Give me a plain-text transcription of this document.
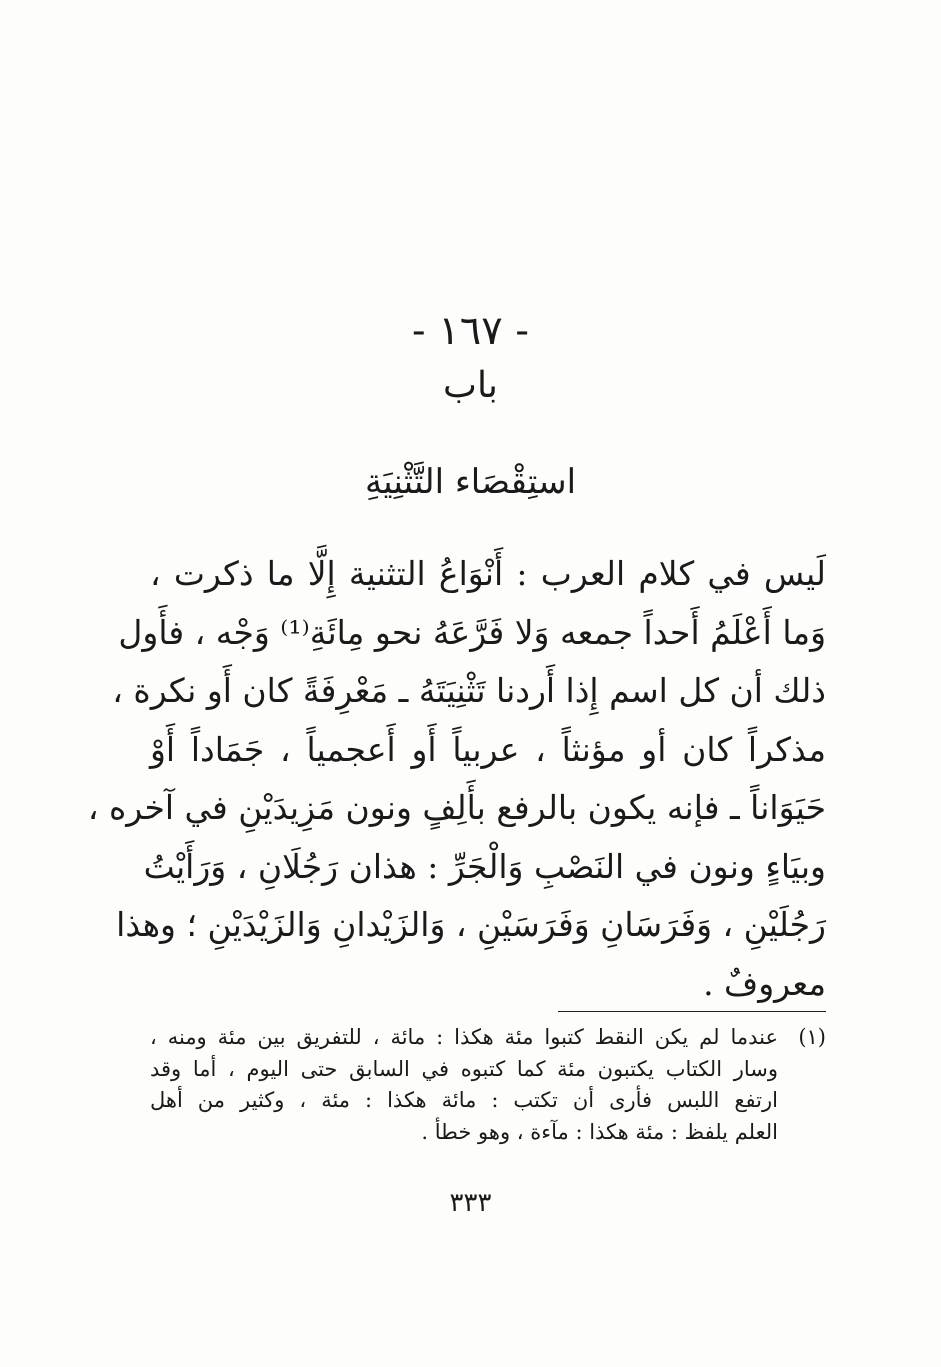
- ١٦٧ -
باب
استِقْصَاء التَّثْنِيَةِ
لَيس في كلام العرب : أَنْوَاعُ التثنية إِلَّا ما ذكرت ،
وَما أَعْلَمُ أَحداً جمعه وَلا فَرَّعَهُ نحو مِائَةِ⁽¹⁾ وَجْه ، فأَول
ذلك أن كل اسم إِذا أَردنا تَثْنِيَتَهُ ـ مَعْرِفَةً كان أَو نكرة ،
مذكراً كان أو مؤنثاً ، عربياً أَو أَعجمياً ، جَمَاداً أَوْ
حَيَوَاناً ـ فإنه يكون بالرفع بأَلِفٍ ونون مَزِيدَيْنِ في آخره ،
وبيَاءٍ ونون في النَصْبِ وَالْجَرِّ : هذان رَجُلَانِ ، وَرَأَيْتُ
رَجُلَيْنِ ، وَفَرَسَانِ وَفَرَسَيْنِ ، وَالزَيْدانِ وَالزَيْدَيْنِ ؛ وهذا
معروفٌ .
(١)
عندما لم يكن النقط كتبوا مئة هكذا : مائة ، للتفريق بين مئة ومنه ،
وسار الكتاب يكتبون مئة كما كتبوه في السابق حتى اليوم ، أما وقد
ارتفع اللبس فأرى أن تكتب : مائة هكذا : مئة ، وكثير من أهل
العلم يلفظ : مئة هكذا : مآءة ، وهو خطأ .
٣٣٣
